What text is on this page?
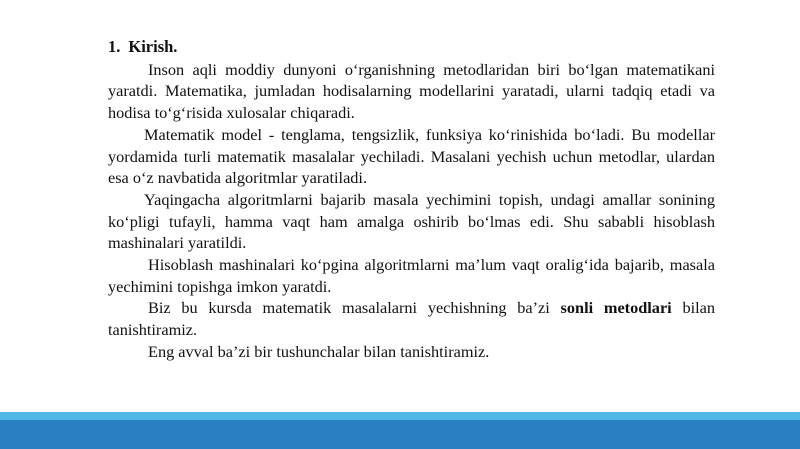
1. Kirish.

Inson aqli moddiy dunyoni o‘rganishning metodlaridan biri bo‘lgan matematikani yaratdi. Matematika, jumladan hodisalarning modellarini yaratadi, ularni tadqiq etadi va hodisa to‘g‘risida xulosalar chiqaradi.

Matematik model - tenglama, tengsizlik, funksiya ko‘rinishida bo‘ladi. Bu modellar yordamida turli matematik masalalar yechiladi. Masalani yechish uchun metodlar, ulardan esa o‘z navbatida algoritmlar yaratiladi.

Yaqingacha algoritmlarni bajarib masala yechimini topish, undagi amallar sonining ko‘pligi tufayli, hamma vaqt ham amalga oshirib bo‘lmas edi. Shu sababli hisoblash mashinalari yaratildi.

Hisoblash mashinalari ko‘pgina algoritmlarni ma’lum vaqt oralig‘ida bajarib, masala yechimini topishga imkon yaratdi.

Biz bu kursda matematik masalalarni yechishning ba’zi sonli metodlari bilan tanishtiramiz.

Eng avval ba’zi bir tushunchalar bilan tanishtiramiz.
